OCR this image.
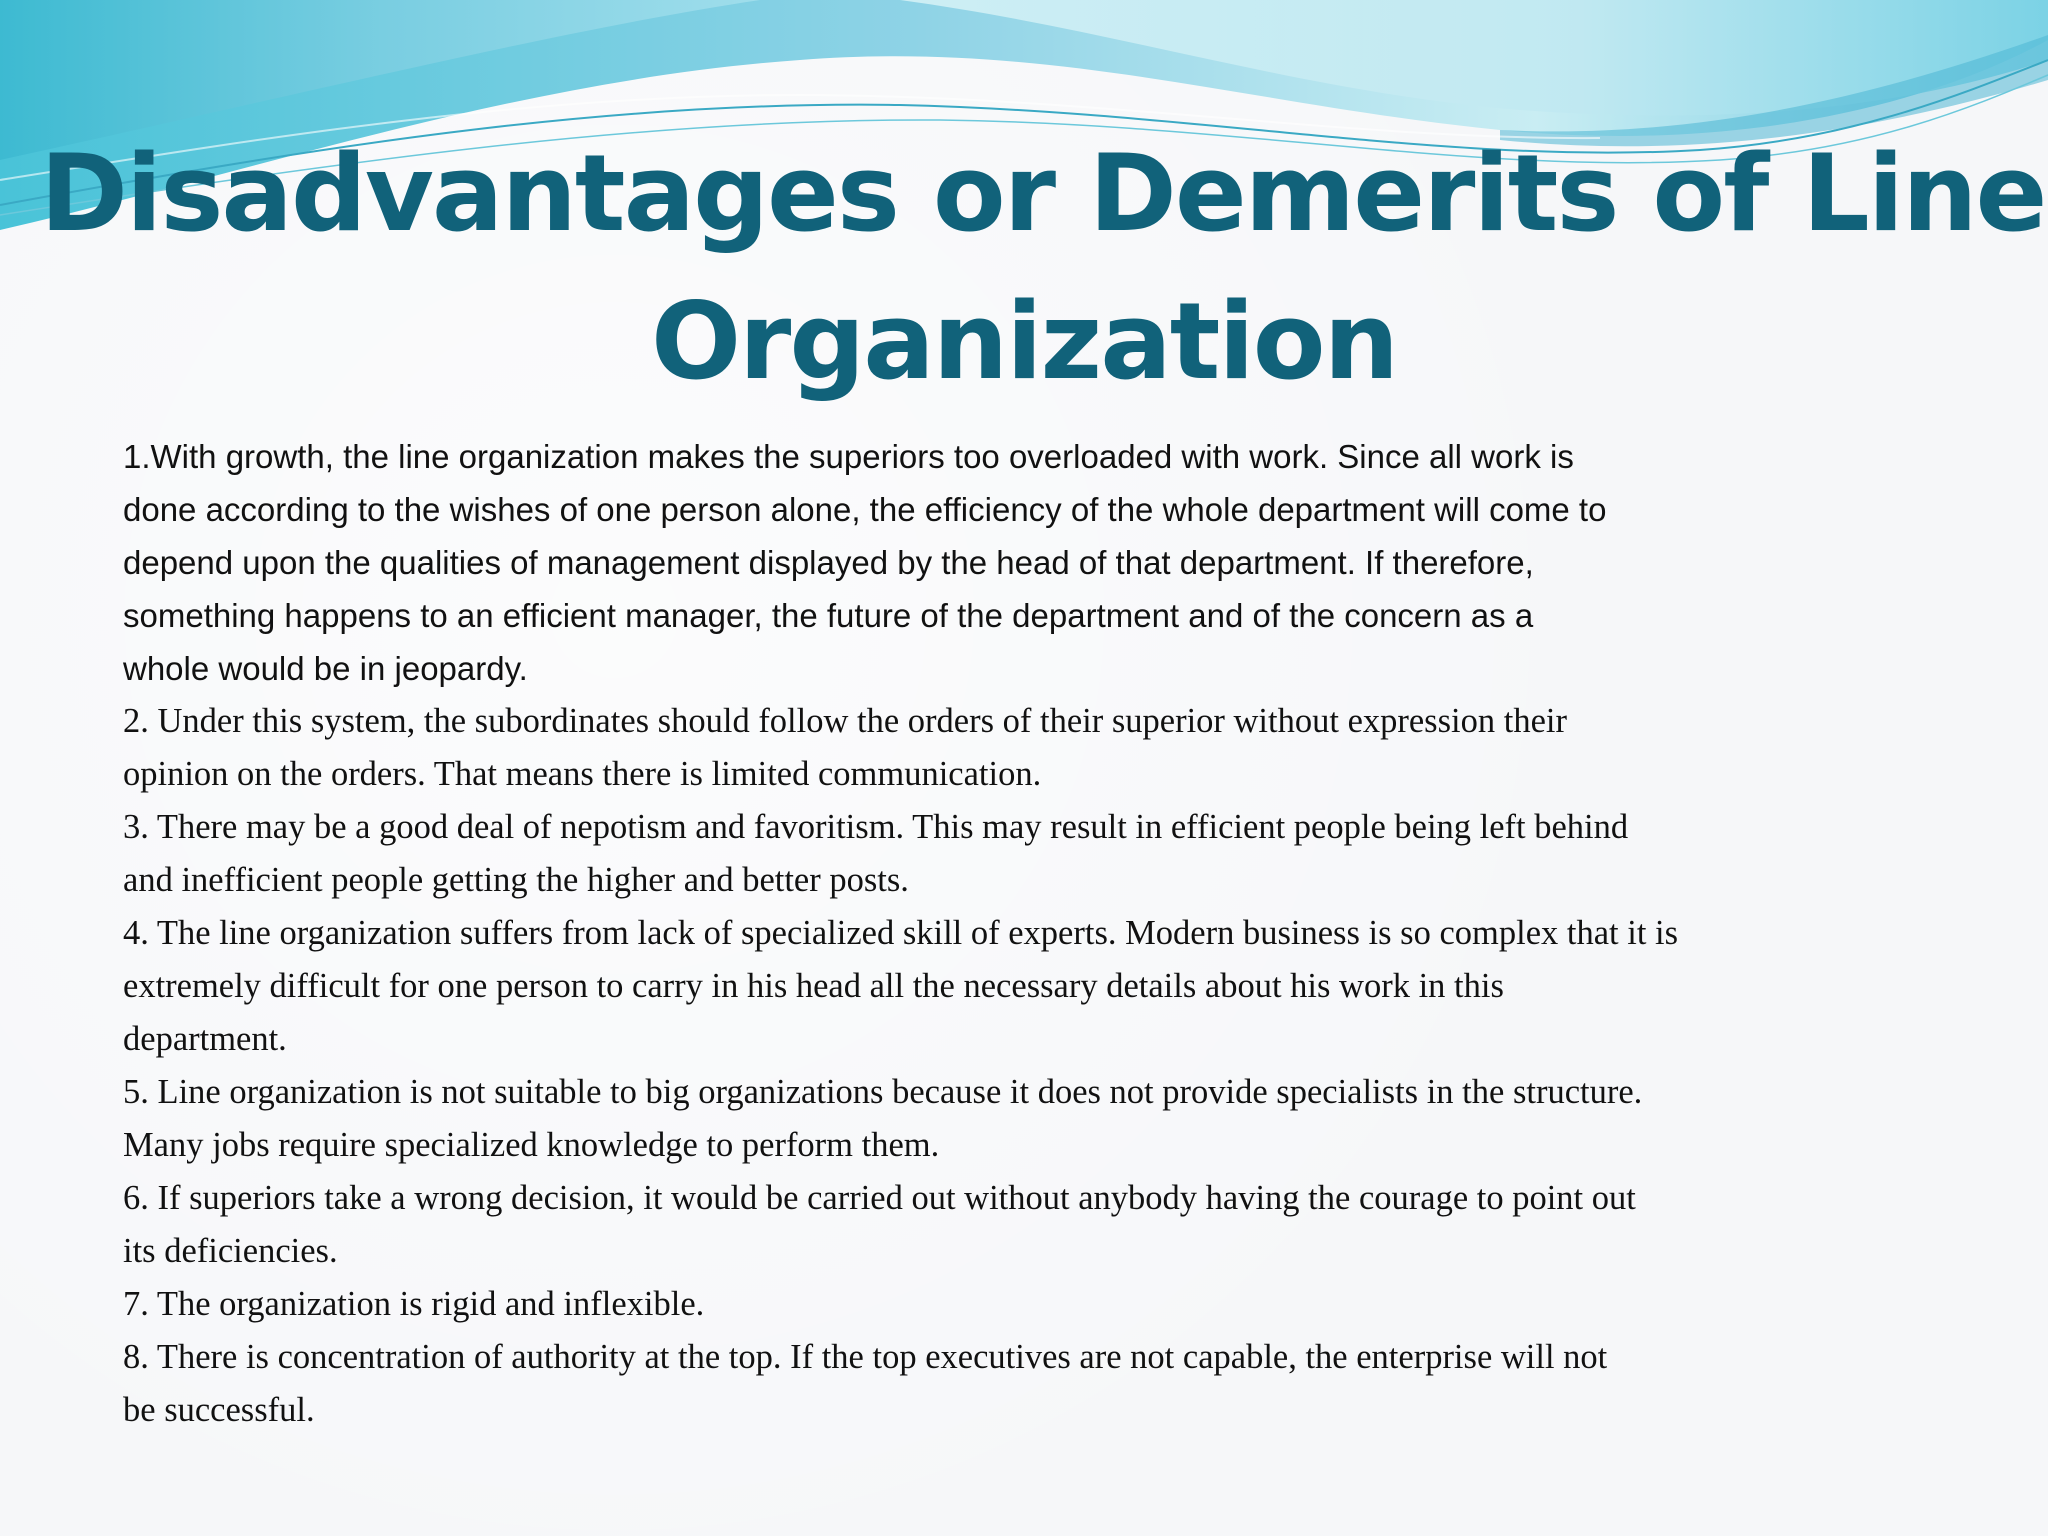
Disadvantages or Demerits of Line
Organization
1.With growth, the line organization makes the superiors too overloaded with work. Since all work is
done according to the wishes of one person alone, the efficiency of the whole department will come to
depend upon the qualities of management displayed by the head of that department. If therefore,
something happens to an efficient manager, the future of the department and of the concern as a
whole would be in jeopardy.
2. Under this system, the subordinates should follow the orders of their superior without expression their
opinion on the orders. That means there is limited communication.
3. There may be a good deal of nepotism and favoritism. This may result in efficient people being left behind
and inefficient people getting the higher and better posts.
4. The line organization suffers from lack of specialized skill of experts. Modern business is so complex that it is
extremely difficult for one person to carry in his head all the necessary details about his work in this
department.
5. Line organization is not suitable to big organizations because it does not provide specialists in the structure.
Many jobs require specialized knowledge to perform them.
6. If superiors take a wrong decision, it would be carried out without anybody having the courage to point out
its deficiencies.
7. The organization is rigid and inflexible.
8. There is concentration of authority at the top. If the top executives are not capable, the enterprise will not
be successful.
